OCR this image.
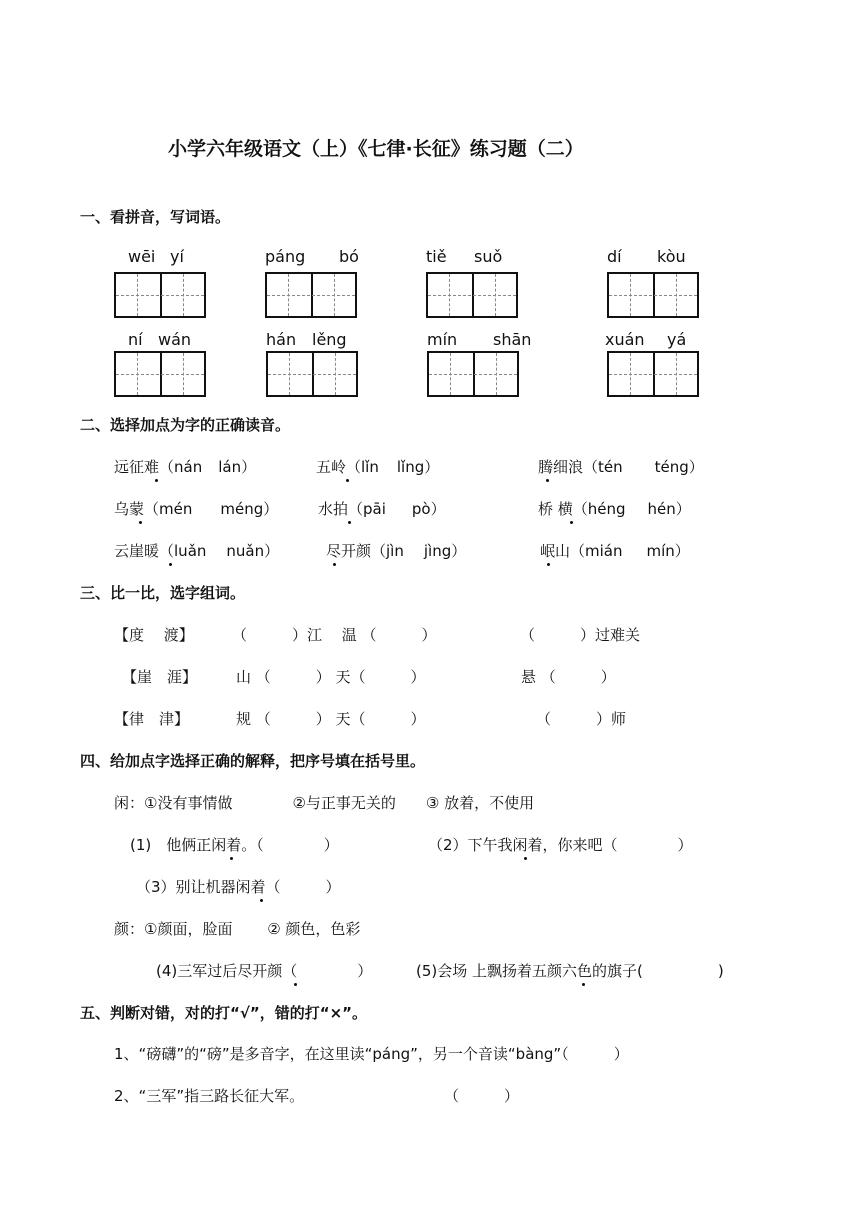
小学六年级语文（上）《七律·长征》练习题（二）
一、看拼音，写词语。
wēi yí	páng bó	tiě suǒ	dí kòu
ní wán	hán lěng	mín shān	xuán yá
二、选择加点为字的正确读音。
远征难（nán lán）	五岭（lǐn lǐng）	腾细浪（tén téng）
乌蒙（mén méng）	水拍（pāi pò）	桥 横（héng hén）
云崖暖（luǎn nuǎn）	尽开颜（jìn jìng）	岷山（mián mín）
三、比一比，选字组词。
【度　 渡】	（　　　）江　 温 （　　　）	（　　　）过难关
【崖　涯】	山 （　　　） 天（　　　）	悬 （　　　）
【律　津】	规 （　　　） 天（　　　）	（　　　）师
四、给加点字选择正确的解释，把序号填在括号里。
闲：①没有事情做　　　　②与正事无关的　　③ 放着，不使用
(1)　他俩正闲着。（　　　　）	（2）下午我闲着，你来吧（　　　　）
（3）别让机器闲着（　　　）
颜：①颜面，脸面　　 ② 颜色，色彩
(4)三军过后尽开颜（　　　　）	(5)会场 上飘扬着五颜六色的旗子(　　　　　)
五、判断对错，对的打“√”，错的打“×”。
1、“磅礴”的“磅”是多音字，在这里读“páng”，另一个音读“bàng”（　　　）
2、“三军”指三路长征大军。	（　　　）
